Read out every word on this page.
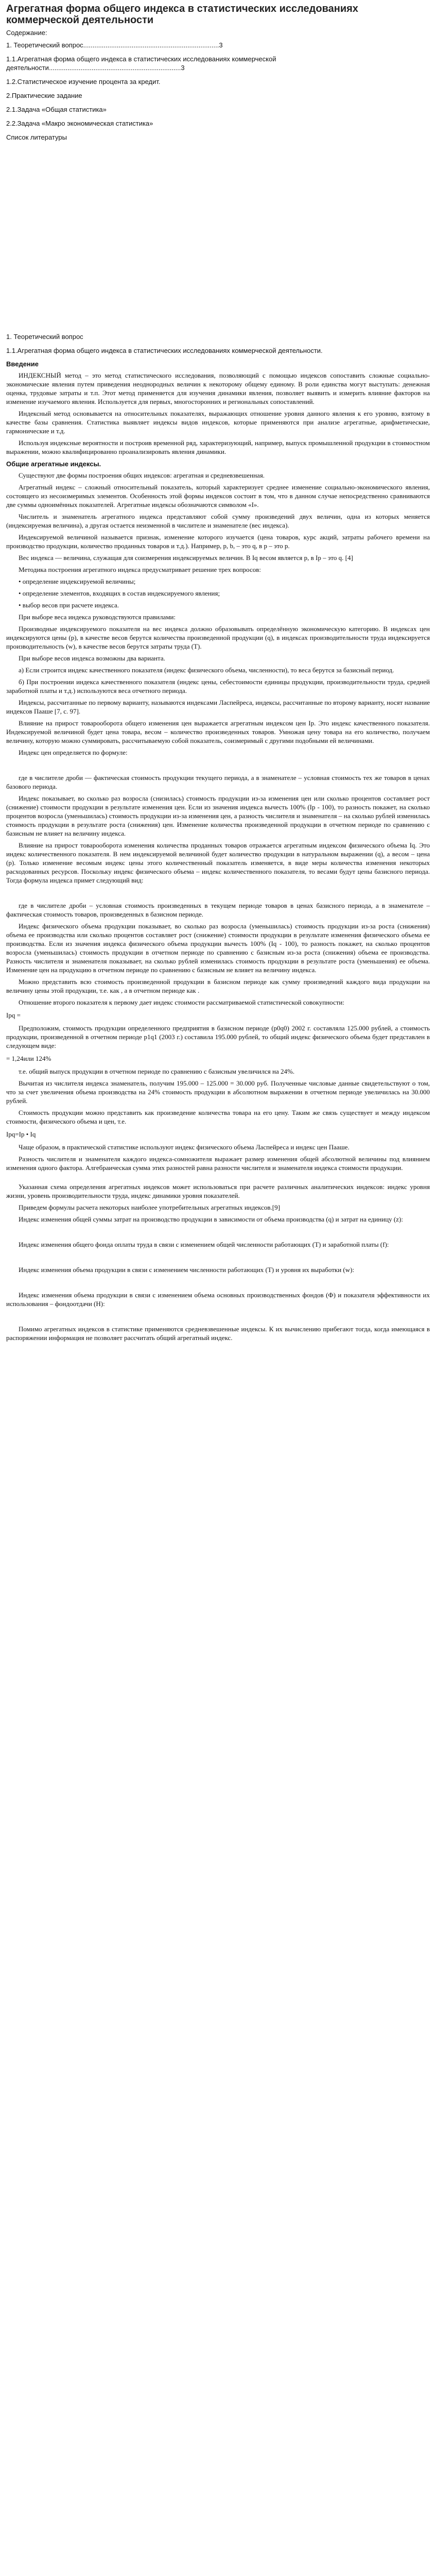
Агрегатная форма общего индекса в статистических исследованиях коммерческой деятельности
Содержание:
1. Теоретический вопрос.........................................................................3
1.1.Агрегатная форма общего индекса в статистических исследованиях коммерческой деятельности.......................................................................3
1.2.Статистическое изучение процента за кредит.
2.Практические задание
2.1.Задача «Общая статистика»
2.2.Задача «Макро экономическая статистика»
Список литературы
1. Теоретический вопрос
1.1.Агрегатная форма общего индекса в статистических исследованиях коммерческой деятельности.
Введение

ИНДЕКСНЫЙ метод – это метод статистического исследования, позволяющий с помощью индексов сопоставить сложные социально-экономические явления путем приведения неоднородных величин к некоторому общему единому. В роли единства могут выступать: денежная оценка, трудовые затраты и т.п. Этот метод применяется для изучения динамики явления, позволяет выявить и измерить влияние факторов на изменение изучаемого явления. Используется для первых, многосторонних и региональных сопоставлений.

Индексный метод основывается на относительных показателях, выражающих отношение уровня данного явления к его уровню, взятому в качестве базы сравнения. Статистика выявляет индексы видов индексов, которые применяются при анализе агрегатные, арифметические, гармонические и т.д.

Используя индексные вероятности и построив временной ряд, характеризующий, например, выпуск промышленной продукции в стоимостном выражении, можно квалифицированно проанализировать явления динамики.

Общие агрегатные индексы.

Существуют две формы построения общих индексов: агрегатная и средневзвешенная.

Агрегатный индекс – сложный относительный показатель, который характеризует среднее изменение социально-экономического явления, состоящего из несоизмеримых элементов. Особенность этой формы индексов состоит в том, что в данном случае непосредственно сравниваются две суммы одноимённых показателей. Агрегатные индексы обозначаются символом «I».

Числитель и знаменатель агрегатного индекса представляют собой сумму произведений двух величин, одна из которых меняется (индексируемая величина), а другая остается неизменной в числителе и знаменателе (вес индекса).

Индексируемой величиной называется признак, изменение которого изучается (цена товаров, курс акций, затраты рабочего времени на производство продукции, количество проданных товаров и т.д.). Например, p, b, – это q, в p – это p.

Вес индекса — величина, служащая для соизмерения индексируемых величин. В Iq весом является p, в Ip – это q. [4]

Методика построения агрегатного индекса предусматривает решение трех вопросов:

• определение индексируемой величины;

• определение элементов, входящих в состав индексируемого явления;

• выбор весов при расчете индекса.

При выборе веса индекса руководствуются правилами:

Производные индексируемого показателя на вес индекса должно образовывать определённую экономическую категорию. В индексах цен индексируются цены (р), в качестве весов берутся количества произведенной продукции (q), в индексах производительности труда индексируется производительность (w), в качестве весов берутся затраты труда (Т).

При выборе весов индекса возможны два варианта.

a) Если строится индекс качественного показателя (индекс физического объема, численности), то веса берутся за базисный период.

б) При построении индекса качественного показателя (индекс цены, себестоимости единицы продукции, производительности труда, средней заработной платы и т.д.) используются веса отчетного периода.

Индексы, рассчитанные по первому варианту, называются индексами Ласпейреса, индексы, рассчитанные по второму варианту, носят название индексов Пааше [7, с. 97].

Влияние на прирост товарооборота общего изменения цен выражается агрегатным индексом цен Ip. Это индекс качественного показателя. Индексируемой величиной будет цена товара, весом – количество произведенных товаров. Умножая цену товара на его количество, получаем величину, которую можно суммировать, рассчитываемую собой показатель, соизмеримый с другими подобными ей величинами.

Индекс цен определяется по формуле:

где в числителе дроби — фактическая стоимость продукции текущего периода, а в знаменателе – условная стоимость тех же товаров в ценах базового периода.

Индекс показывает, во сколько раз возросла (снизилась) стоимость продукции из-за изменения цен или сколько процентов составляет рост (снижение) стоимости продукции в результате изменения цен. Если из значения индекса вычесть 100% (Ip - 100), то разность покажет, на сколько процентов возросла (уменьшилась) стоимость продукции из-за изменения цен, а разность числителя и знаменателя – на сколько рублей изменилась стоимость продукции в результате роста (снижения) цен. Изменение количества произведенной продукции в отчетном периоде по сравнению с базисным не влияет на величину индекса.

Влияние на прирост товарооборота изменения количества проданных товаров отражается агрегатным индексом физического объема Iq. Это индекс количественного показателя. В нем индексируемой величиной будет количество продукции в натуральном выражении (q), а весом – цена (p). Только изменение весомым индекс цены этого количественный показатель изменяется, в виде меры количества изменения некоторых расходованных ресурсов. Поскольку индекс физического объема – индекс количественного показателя, то весами будут цены базисного периода. Тогда формула индекса примет следующий вид:

где в числителе дроби – условная стоимость произведенных в текущем периоде товаров в ценах базисного периода, а в знаменателе – фактическая стоимость товаров, произведенных в базисном периоде.

Индекс физического объема продукции показывает, во сколько раз возросла (уменьшилась) стоимость продукции из-за роста (снижения) объема ее производства или сколько процентов составляет рост (снижение) стоимости продукции в результате изменения физического объема ее производства. Если из значения индекса физического объема продукции вычесть 100% (Iq - 100), то разность покажет, на сколько процентов возросла (уменьшилась) стоимость продукции в отчетном периоде по сравнению с базисным из-за роста (снижения) объема ее производства. Разность числителя и знаменателя показывает, на сколько рублей изменилась стоимость продукции в результате роста (уменьшения) ее объема. Изменение цен на продукцию в отчетном периоде по сравнению с базисным не влияет на величину индекса.

Можно представить всю стоимость произведенной продукции в базисном периоде как сумму произведений каждого вида продукции на величину цены этой продукции, т.е. как , а в отчетном периоде как .

Отношение второго показателя к первому дает индекс стоимости рассматриваемой статистической совокупности:

Ipq =

Предположим, стоимость продукции определенного предприятия в базисном периоде (p0q0) 2002 г. составляла 125.000 рублей, а стоимость продукции, произведенной в отчетном периоде p1q1 (2003 г.) составила 195.000 рублей, то общий индекс физического объема будет представлен в следующем виде:

= 1,24или 124%

т.е. общий выпуск продукции в отчетном периоде по сравнению с базисным увеличился на 24%.

Вычитая из числителя индекса знаменатель, получим 195.000 – 125.000 = 30.000 руб. Полученные числовые данные свидетельствуют о том, что за счет увеличения объема производства на 24% стоимость продукции в абсолютном выражении в отчетном периоде увеличилась на 30.000 рублей.

Стоимость продукции можно представить как произведение количества товара на его цену. Таким же связь существует и между индексом стоимости, физического объема и цен, т.е.

Ipq=Ip • Iq

Чаще образом, в практической статистике используют индекс физического объема Ласпейреса и индекс цен Пааше.

Разность числителя и знаменателя каждого индекса-сомножителя выражает размер изменения общей абсолютной величины под влиянием изменения одного фактора. Алгебраическая сумма этих разностей равна разности числителя и знаменателя индекса стоимости продукции.

Указанная схема определения агрегатных индексов может использоваться при расчете различных аналитических индексов: индекс уровня жизни, уровень производительности труда, индекс динамики уровня показателей.

Приведем формулы расчета некоторых наиболее употребительных агрегатных индексов.[9]

Индекс изменения общей суммы затрат на производство продукции в зависимости от объема производства (q) и затрат на единицу (z):

Индекс изменения общего фонда оплаты труда в связи с изменением общей численности работающих (Т) и заработной платы (f):

Индекс изменения объема продукции в связи с изменением численности работающих (Т) и уровня их выработки (w):

Индекс изменения объема продукции в связи с изменением объема основных производственных фондов (Ф) и показателя эффективности их использования – фондоотдачи (H):

Помимо агрегатных индексов в статистике применяются средневзвешенные индексы. К их вычислению прибегают тогда, когда имеющаяся в распоряжении информация не позволяет рассчитать общий агрегатный индекс.
